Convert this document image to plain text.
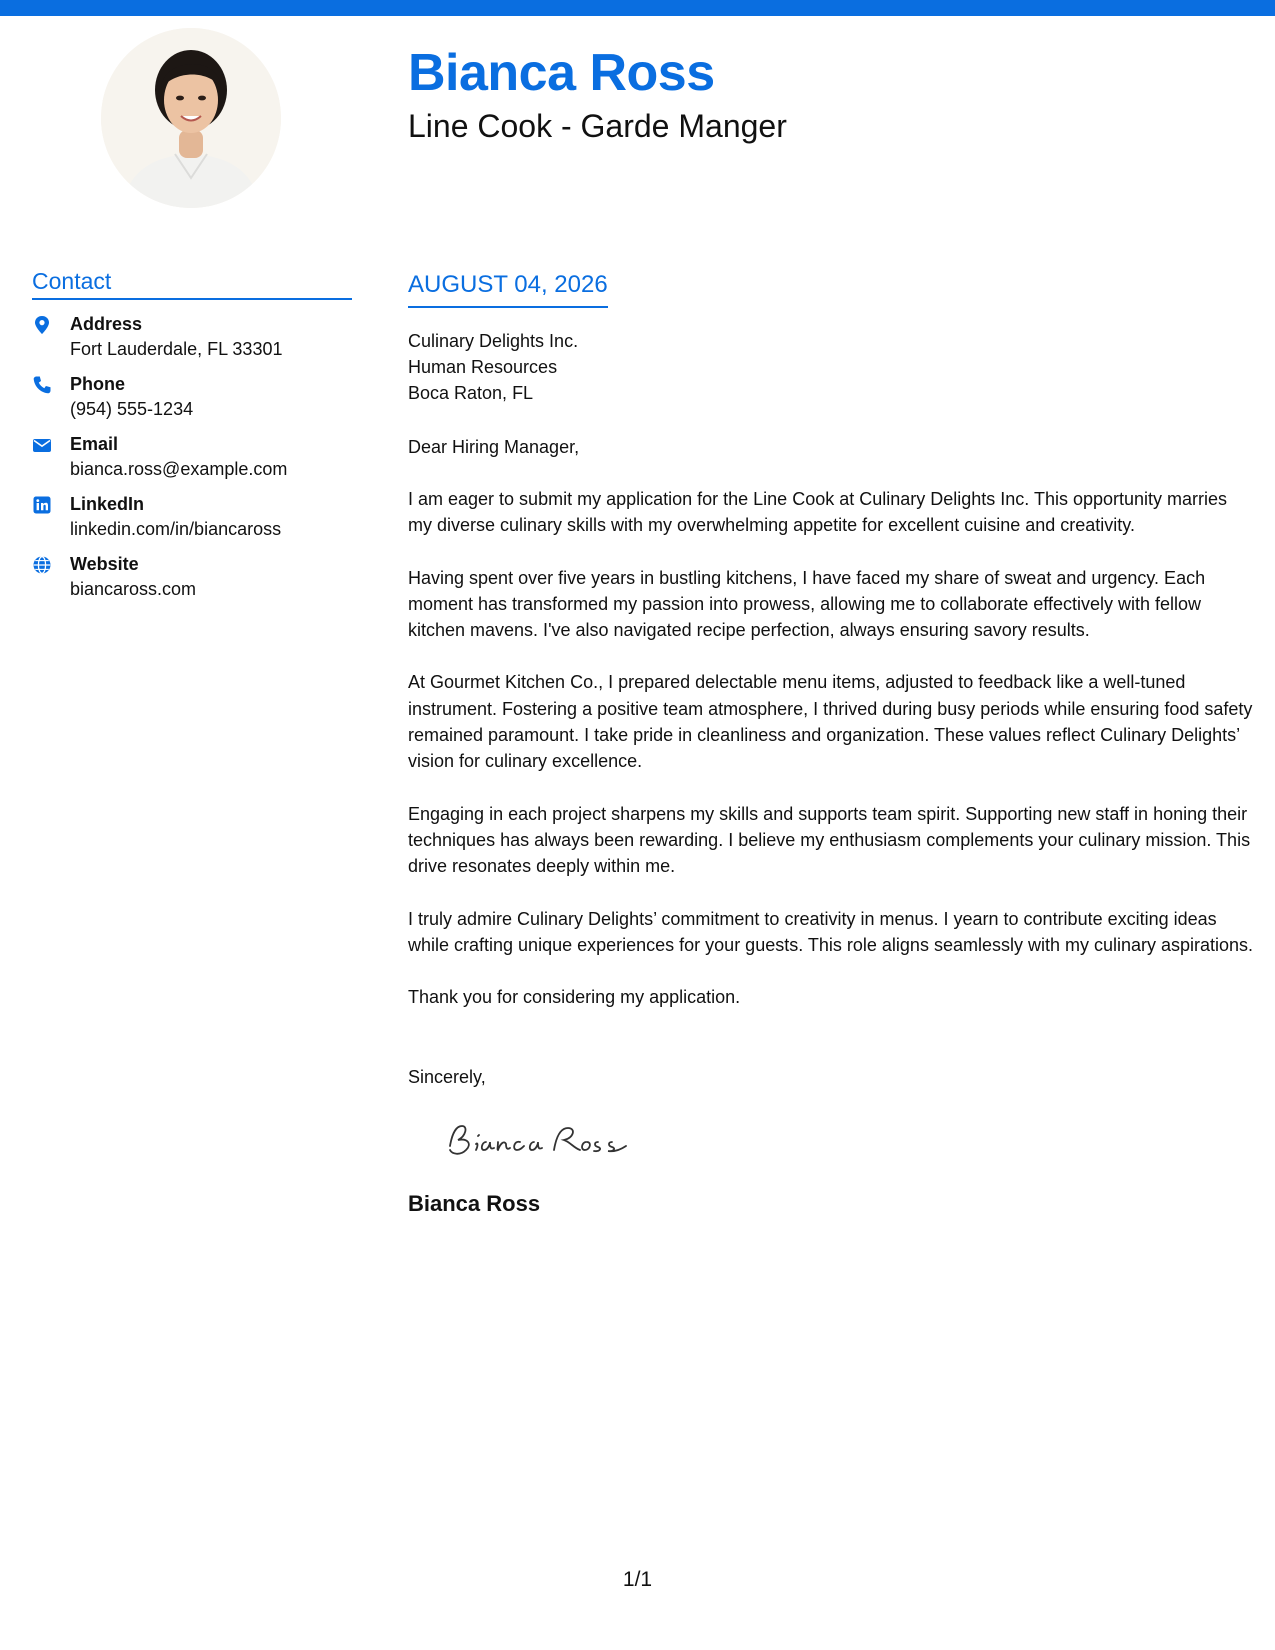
Bianca Ross
Line Cook - Garde Manger
Contact
Address
Fort Lauderdale, FL 33301
Phone
(954) 555-1234
Email
bianca.ross@example.com
LinkedIn
linkedin.com/in/biancaross
Website
biancaross.com
AUGUST 04, 2026
Culinary Delights Inc.
Human Resources
Boca Raton, FL
Dear Hiring Manager,
I am eager to submit my application for the Line Cook at Culinary Delights Inc. This opportunity marries my diverse culinary skills with my overwhelming appetite for excellent cuisine and creativity.
Having spent over five years in bustling kitchens, I have faced my share of sweat and urgency. Each moment has transformed my passion into prowess, allowing me to collaborate effectively with fellow kitchen mavens. I've also navigated recipe perfection, always ensuring savory results.
At Gourmet Kitchen Co., I prepared delectable menu items, adjusted to feedback like a well-tuned instrument. Fostering a positive team atmosphere, I thrived during busy periods while ensuring food safety remained paramount. I take pride in cleanliness and organization. These values reflect Culinary Delights’ vision for culinary excellence.
Engaging in each project sharpens my skills and supports team spirit. Supporting new staff in honing their techniques has always been rewarding. I believe my enthusiasm complements your culinary mission. This drive resonates deeply within me.
I truly admire Culinary Delights’ commitment to creativity in menus. I yearn to contribute exciting ideas while crafting unique experiences for your guests. This role aligns seamlessly with my culinary aspirations.
Thank you for considering my application.
Sincerely,
Bianca Ross
1/1
